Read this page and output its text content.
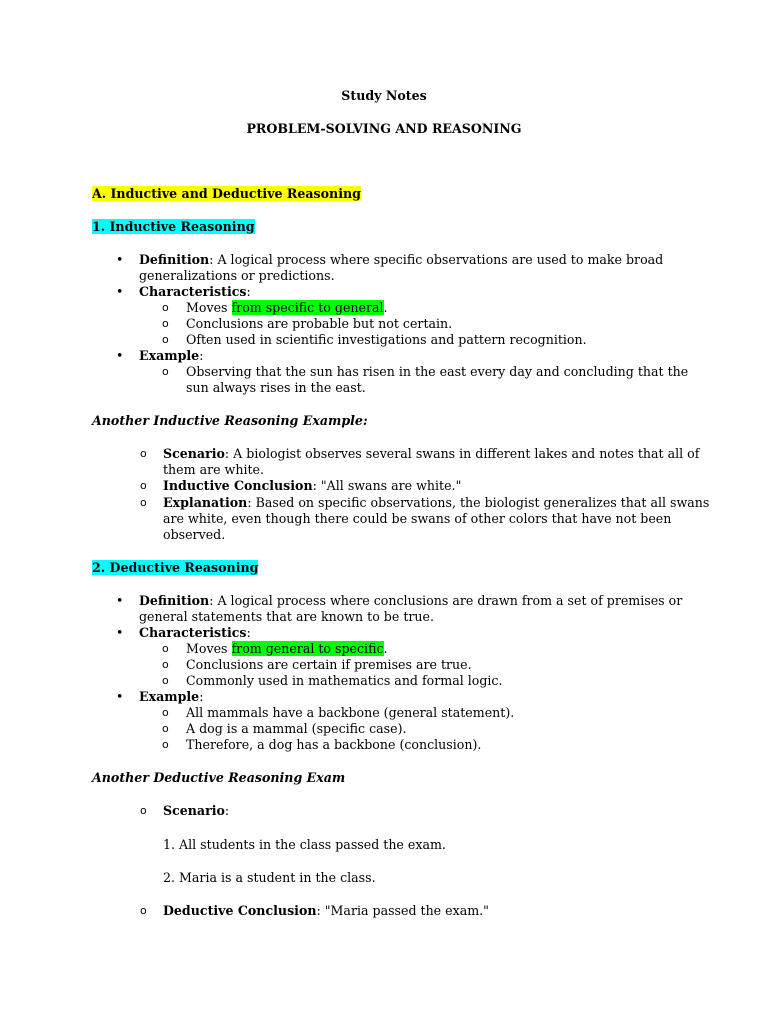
Study Notes
PROBLEM-SOLVING AND REASONING
A. Inductive and Deductive Reasoning
1. Inductive Reasoning
• Definition: A logical process where specific observations are used to make broad
generalizations or predictions.
• Characteristics:
o Moves from specific to general.
o Conclusions are probable but not certain.
o Often used in scientific investigations and pattern recognition.
• Example:
o Observing that the sun has risen in the east every day and concluding that the
sun always rises in the east.
Another Inductive Reasoning Example:
o Scenario: A biologist observes several swans in different lakes and notes that all of
them are white.
o Inductive Conclusion: "All swans are white."
o Explanation: Based on specific observations, the biologist generalizes that all swans
are white, even though there could be swans of other colors that have not been
observed.
2. Deductive Reasoning
• Definition: A logical process where conclusions are drawn from a set of premises or
general statements that are known to be true.
• Characteristics:
o Moves from general to specific.
o Conclusions are certain if premises are true.
o Commonly used in mathematics and formal logic.
• Example:
o All mammals have a backbone (general statement).
o A dog is a mammal (specific case).
o Therefore, a dog has a backbone (conclusion).
Another Deductive Reasoning Exam
o Scenario:
1. All students in the class passed the exam.
2. Maria is a student in the class.
o Deductive Conclusion: "Maria passed the exam."
